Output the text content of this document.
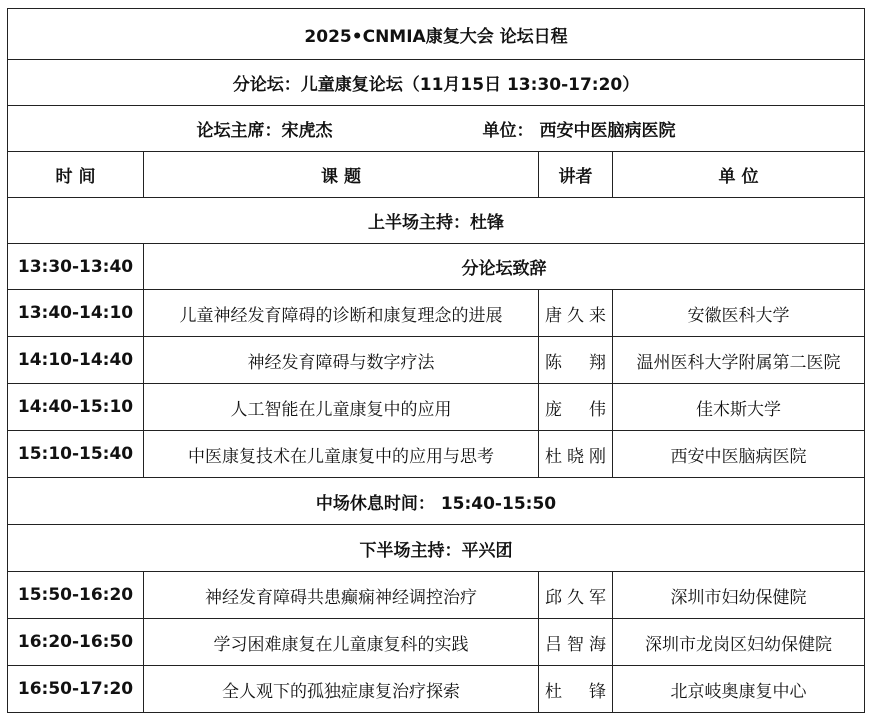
2025•CNMIA康复大会 论坛日程			
分论坛：儿童康复论坛（11月15日 13:30-17:20）			

论坛主席：宋虎杰 单位： 西安中医脑病医院			

时 间	课 题	讲者	单 位
上半场主持：杜锋			
13:30-13:40	分论坛致辞		
13:40-14:10	儿童神经发育障碍的诊断和康复理念的进展	唐 久 来	安徽医科大学
14:10-14:40	神经发育障碍与数字疗法	陈 翔	温州医科大学附属第二医院
14:40-15:10	人工智能在儿童康复中的应用	庞 伟	佳木斯大学
15:10-15:40	中医康复技术在儿童康复中的应用与思考	杜 晓 刚	西安中医脑病医院
中场休息时间： 15:40-15:50			
下半场主持：平兴团			
15:50-16:20	神经发育障碍共患癫痫神经调控治疗	邱 久 军	深圳市妇幼保健院
16:20-16:50	学习困难康复在儿童康复科的实践	吕 智 海	深圳市龙岗区妇幼保健院
16:50-17:20	全人观下的孤独症康复治疗探索	杜 锋	北京岐奥康复中心
